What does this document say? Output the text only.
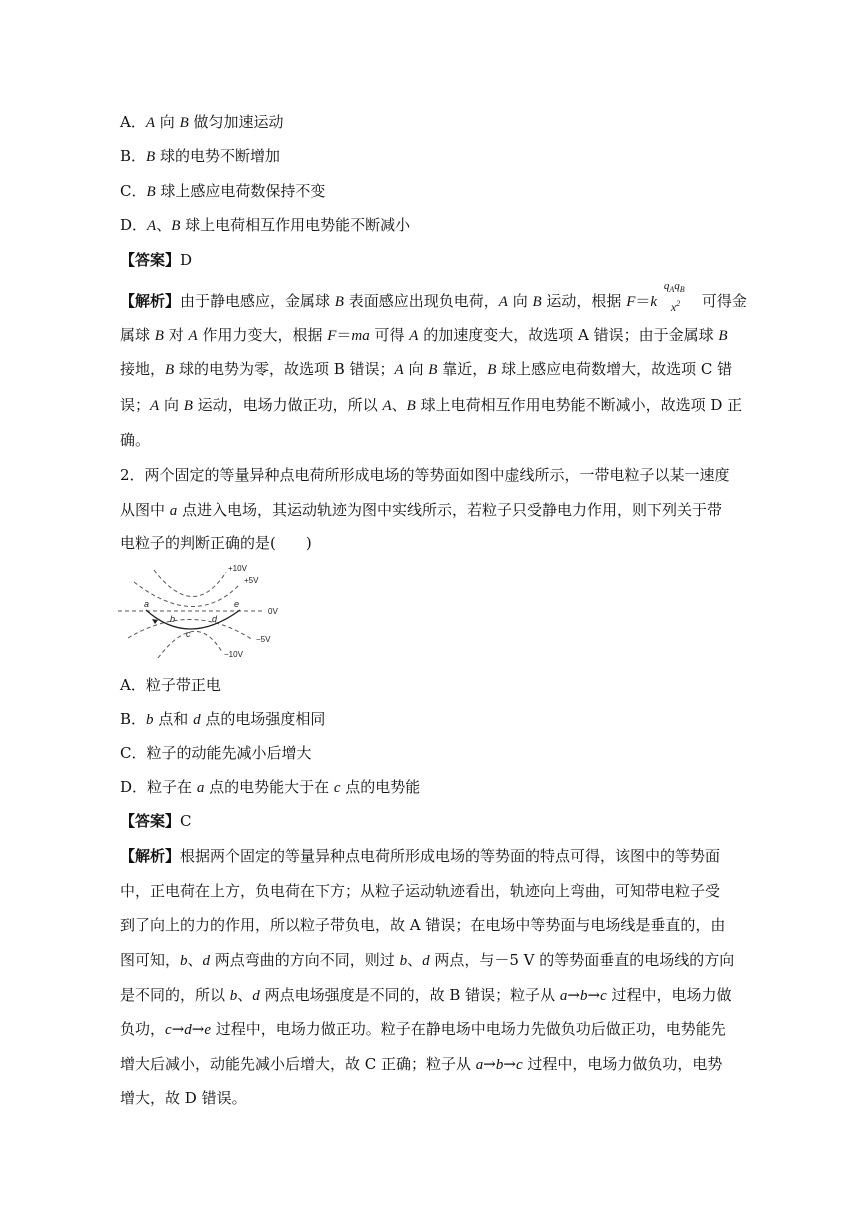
A．A 向 B 做匀加速运动
B．B 球的电势不断增加
C．B 球上感应电荷数保持不变
D．A、B 球上电荷相互作用电势能不断减小
【答案】D
【解析】由于静电感应，金属球 B 表面感应出现负电荷，A 向 B 运动，根据 F＝k
$q_Aq_B$
$x^2$ 可得金
属球 B 对 A 作用力变大，根据 F＝ma 可得 A 的加速度变大，故选项 A 错误；由于金属球 B
接地，B 球的电势为零，故选项 B 错误；A 向 B 靠近，B 球上感应电荷数增大，故选项 C 错
误；A 向 B 运动，电场力做正功，所以 A、B 球上电荷相互作用电势能不断减小，故选项 D 正
确。
2．两个固定的等量异种点电荷所形成电场的等势面如图中虚线所示，一带电粒子以某一速度
从图中 a 点进入电场，其运动轨迹为图中实线所示，若粒子只受静电力作用，则下列关于带
电粒子的判断正确的是(　　)
+10V
+5V
0V
−5V
−10V
a
b
c
d
e
A．粒子带正电
B．b 点和 d 点的电场强度相同
C．粒子的动能先减小后增大
D．粒子在 a 点的电势能大于在 c 点的电势能
【答案】C
【解析】根据两个固定的等量异种点电荷所形成电场的等势面的特点可得，该图中的等势面
中，正电荷在上方，负电荷在下方；从粒子运动轨迹看出，轨迹向上弯曲，可知带电粒子受
到了向上的力的作用，所以粒子带负电，故 A 错误；在电场中等势面与电场线是垂直的，由
图可知，b、d 两点弯曲的方向不同，则过 b、d 两点，与－5 V 的等势面垂直的电场线的方向
是不同的，所以 b、d 两点电场强度是不同的，故 B 错误；粒子从 a→b→c 过程中，电场力做
负功，c→d→e 过程中，电场力做正功。粒子在静电场中电场力先做负功后做正功，电势能先
增大后减小，动能先减小后增大，故 C 正确；粒子从 a→b→c 过程中，电场力做负功，电势
增大，故 D 错误。
